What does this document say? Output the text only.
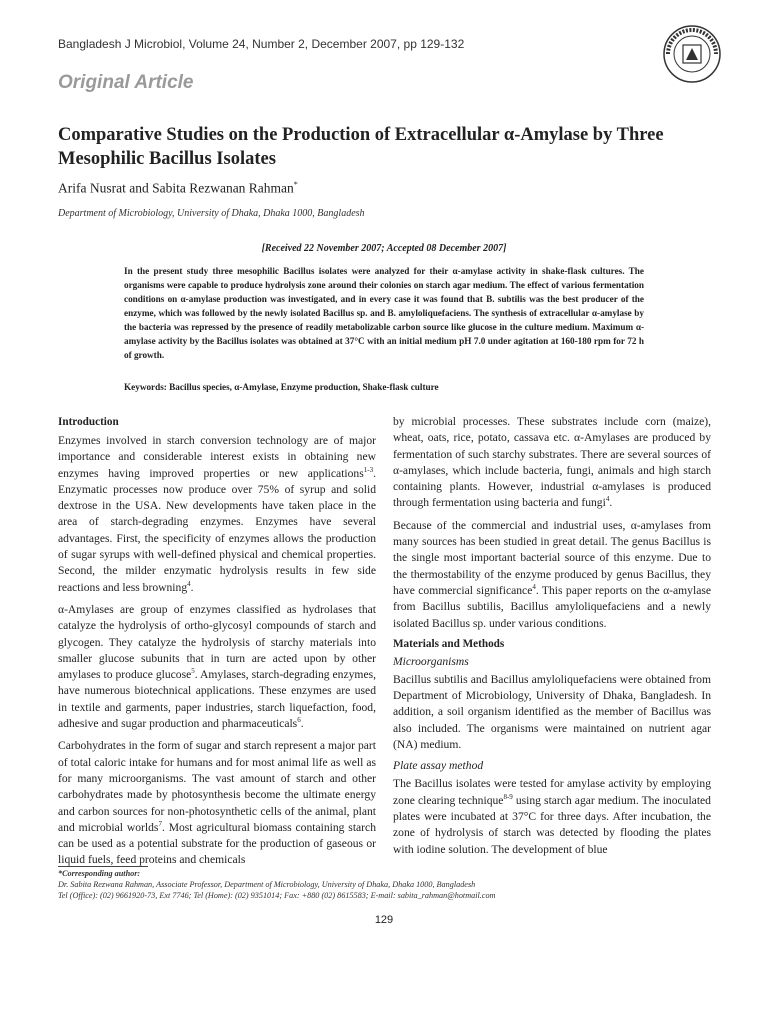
Bangladesh J Microbiol, Volume 24, Number 2, December 2007, pp 129-132
Original Article
Comparative Studies on the Production of Extracellular α-Amylase by Three Mesophilic Bacillus Isolates
Arifa Nusrat and Sabita Rezwanan Rahman*
Department of Microbiology, University of Dhaka, Dhaka 1000, Bangladesh
[Received 22 November 2007; Accepted 08 December 2007]

In the present study three mesophilic Bacillus isolates were analyzed for their α-amylase activity in shake-flask cultures. The organisms were capable to produce hydrolysis zone around their colonies on starch agar medium. The effect of various fermentation conditions on α-amylase production was investigated, and in every case it was found that B. subtilis was the best producer of the enzyme, which was followed by the newly isolated Bacillus sp. and B. amyloliquefaciens. The synthesis of extracellular α-amylase by the bacteria was repressed by the presence of readily metabolizable carbon source like glucose in the culture medium. Maximum α-amylase activity by the Bacillus isolates was obtained at 37°C with an initial medium pH 7.0 under agitation at 160-180 rpm for 72 h of growth.

Keywords: Bacillus species, α-Amylase, Enzyme production, Shake-flask culture

Introduction

Enzymes involved in starch conversion technology are of major importance and considerable interest exists in obtaining new enzymes having improved properties or new applications$^{1-3}$. Enzymatic processes now produce over 75% of syrup and solid dextrose in the USA. New developments have taken place in the area of starch-degrading enzymes. Enzymes have several advantages. First, the specificity of enzymes allows the production of sugar syrups with well-defined physical and chemical properties. Second, the milder enzymatic hydrolysis results in few side reactions and less browning$^4$.

α-Amylases are group of enzymes classified as hydrolases that catalyze the hydrolysis of ortho-glycosyl compounds of starch and glycogen. They catalyze the hydrolysis of starchy materials into smaller glucose subunits that in turn are acted upon by other amylases to produce glucose$^5$. Amylases, starch-degrading enzymes, have numerous biotechnical applications. These enzymes are used in textile and garments, paper industries, starch liquefaction, food, adhesive and sugar production and pharmaceuticals$^6$.

Carbohydrates in the form of sugar and starch represent a major part of total caloric intake for humans and for most animal life as well as for many microorganisms. The vast amount of starch and other carbohydrates made by photosynthesis become the ultimate energy and carbon sources for non-photosynthetic cells of the animal, plant and microbial worlds$^7$. Most agricultural biomass containing starch can be used as a potential substrate for the production of gaseous or liquid fuels, feed proteins and chemicals

by microbial processes. These substrates include corn (maize), wheat, oats, rice, potato, cassava etc. α-Amylases are produced by fermentation of such starchy substrates. There are several sources of α-amylases, which include bacteria, fungi, animals and high starch containing plants. However, industrial α-amylases is produced through fermentation using bacteria and fungi$^4$.

Because of the commercial and industrial uses, α-amylases from many sources has been studied in great detail. The genus Bacillus is the single most important bacterial source of this enzyme. Due to the thermostability of the enzyme produced by genus Bacillus, they have commercial significance$^4$. This paper reports on the α-amylase from Bacillus subtilis, Bacillus amyloliquefaciens and a newly isolated Bacillus sp. under various conditions.

Materials and Methods
Microorganisms

Bacillus subtilis and Bacillus amyloliquefaciens were obtained from Department of Microbiology, University of Dhaka, Bangladesh. In addition, a soil organism identified as the member of Bacillus was also included. The organisms were maintained on nutrient agar (NA) medium.

Plate assay method

The Bacillus isolates were tested for amylase activity by employing zone clearing technique$^{8-9}$ using starch agar medium. The inoculated plates were incubated at 37°C for three days. After incubation, the zone of hydrolysis of starch was detected by flooding the plates with iodine solution. The development of blue

*Corresponding author:
Dr. Sabita Rezwana Rahman, Associate Professor, Department of Microbiology, University of Dhaka, Dhaka 1000, Bangladesh
Tel (Office): (02) 9661920-73, Ext 7746; Tel (Home): (02) 9351014; Fax: +880 (02) 8615583; E-mail: sabita_rahman@hotmail.com
129
